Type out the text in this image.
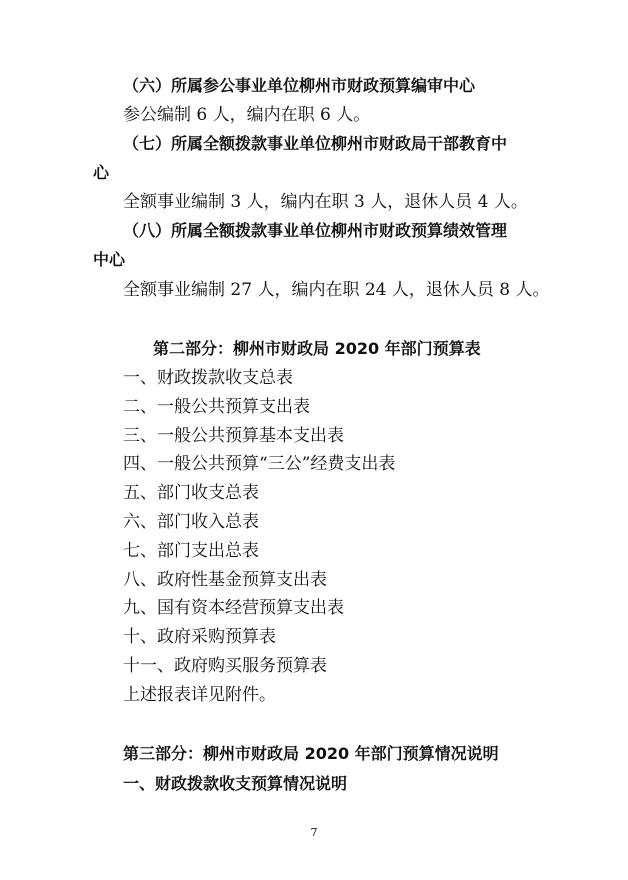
（六）所属参公事业单位柳州市财政预算编审中心
参公编制 6 人，编内在职 6 人。
（七）所属全额拨款事业单位柳州市财政局干部教育中
心
全额事业编制 3 人，编内在职 3 人，退休人员 4 人。
（八）所属全额拨款事业单位柳州市财政预算绩效管理
中心
全额事业编制 27 人，编内在职 24 人，退休人员 8 人。
第二部分：柳州市财政局 2020 年部门预算表
一、财政拨款收支总表
二、一般公共预算支出表
三、一般公共预算基本支出表
四、一般公共预算“三公”经费支出表
五、部门收支总表
六、部门收入总表
七、部门支出总表
八、政府性基金预算支出表
九、国有资本经营预算支出表
十、政府采购预算表
十一、政府购买服务预算表
上述报表详见附件。
第三部分：柳州市财政局 2020 年部门预算情况说明
一、财政拨款收支预算情况说明
7
